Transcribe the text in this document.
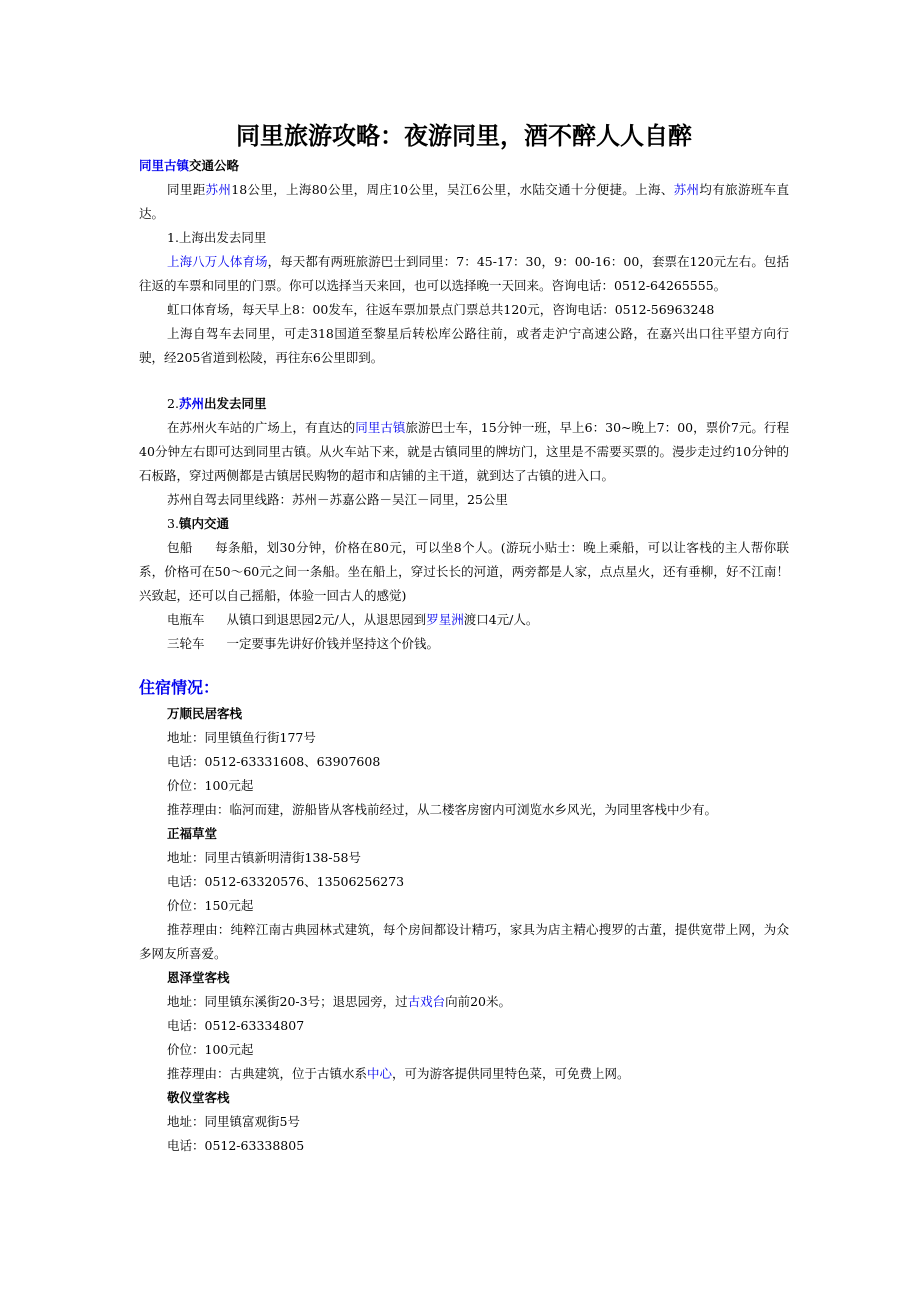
同里旅游攻略：夜游同里，酒不醉人人自醉
同里古镇交通公略
同里距苏州18公里，上海80公里，周庄10公里，吴江6公里，水陆交通十分便捷。上海、苏州均有旅游班车直达。
1.上海出发去同里
上海八万人体育场，每天都有两班旅游巴士到同里：7：45-17：30，9：00-16：00，套票在120元左右。包括往返的车票和同里的门票。你可以选择当天来回，也可以选择晚一天回来。咨询电话：0512-64265555。
虹口体育场，每天早上8：00发车，往返车票加景点门票总共120元，咨询电话：0512-56963248
上海自驾车去同里，可走318国道至黎星后转松库公路往前，或者走沪宁高速公路，在嘉兴出口往平望方向行驶，经205省道到松陵，再往东6公里即到。
2.苏州出发去同里
在苏州火车站的广场上，有直达的同里古镇旅游巴士车，15分钟一班，早上6：30~晚上7：00，票价7元。行程40分钟左右即可达到同里古镇。从火车站下来，就是古镇同里的牌坊门，这里是不需要买票的。漫步走过约10分钟的石板路，穿过两侧都是古镇居民购物的超市和店铺的主干道，就到达了古镇的进入口。
苏州自驾去同里线路：苏州－苏嘉公路－吴江－同里，25公里
3.镇内交通
包船 每条船，划30分钟，价格在80元，可以坐8个人。(游玩小贴士：晚上乘船，可以让客栈的主人帮你联系，价格可在50～60元之间一条船。坐在船上，穿过长长的河道，两旁都是人家，点点星火，还有垂柳，好不江南！兴致起，还可以自己摇船，体验一回古人的感觉)
电瓶车 从镇口到退思园2元/人，从退思园到罗星洲渡口4元/人。
三轮车 一定要事先讲好价钱并坚持这个价钱。
住宿情况：
万顺民居客栈
地址：同里镇鱼行街177号
电话：0512-63331608、63907608
价位：100元起
推荐理由：临河而建，游船皆从客栈前经过，从二楼客房窗内可浏览水乡风光，为同里客栈中少有。
正福草堂
地址：同里古镇新明清街138-58号
电话：0512-63320576、13506256273
价位：150元起
推荐理由：纯粹江南古典园林式建筑，每个房间都设计精巧，家具为店主精心搜罗的古董，提供宽带上网，为众多网友所喜爱。
恩泽堂客栈
地址：同里镇东溪街20-3号；退思园旁，过古戏台向前20米。
电话：0512-63334807
价位：100元起
推荐理由：古典建筑，位于古镇水系中心，可为游客提供同里特色菜，可免费上网。
敬仪堂客栈
地址：同里镇富观街5号
电话：0512-63338805
